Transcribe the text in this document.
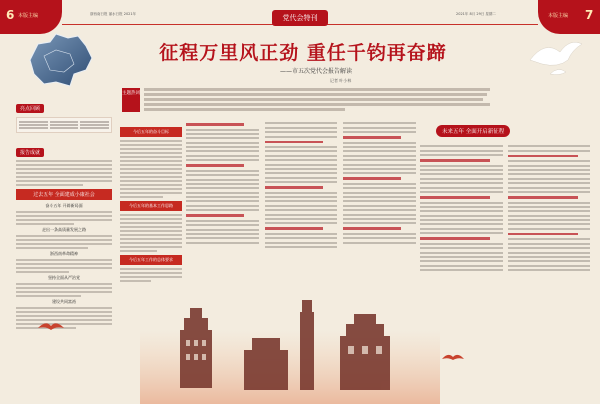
6 本版主编	本版主编 7
党代会特刊
浙西南日报 丽水日报 2021年	2021年 8月 29日 星期二
征程万里风正劲 重任千钧再奋蹄
——市五次党代会报告解读
记者 叶小林
主题热词
亮点回顾
报告成就
过去五年 全面建成小康社会
奋斗五年 开辟新局面
走出一条高质量发展之路
浙西南革命精神
坚持全面从严治党
建设共同富裕
今后五年的奋斗目标
今后五年的基本工作思路
今后五年工作的总体要求
未来五年 全面开启新征程
